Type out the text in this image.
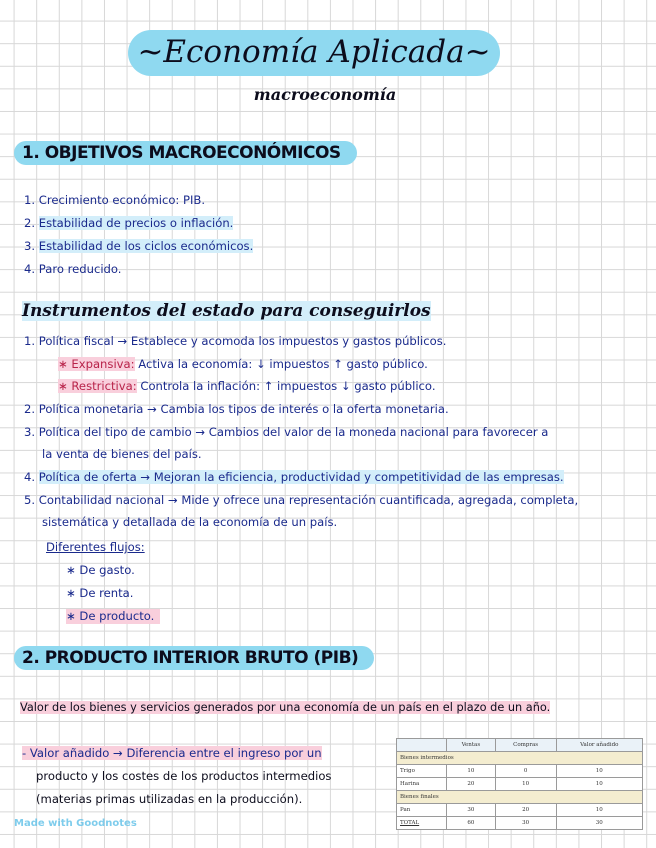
~Economía Aplicada~
macroeconomía
1. OBJETIVOS MACROECONÓMICOS
1. Crecimiento económico: PIB.
2. Estabilidad de precios o inflación.
3. Estabilidad de los ciclos económicos.
4. Paro reducido.
Instrumentos del estado para conseguirlos
1. Política fiscal → Establece y acomoda los impuestos y gastos públicos.
∗ Expansiva: Activa la economía: ↓ impuestos ↑ gasto público.
∗ Restrictiva: Controla la inflación: ↑ impuestos ↓ gasto público.
2. Política monetaria → Cambia los tipos de interés o la oferta monetaria.
3. Política del tipo de cambio → Cambios del valor de la moneda nacional para favorecer a
la venta de bienes del país.
4. Política de oferta → Mejoran la eficiencia, productividad y competitividad de las empresas.
5. Contabilidad nacional → Mide y ofrece una representación cuantificada, agregada, completa,
sistemática y detallada de la economía de un país.
Diferentes flujos:
∗ De gasto.
∗ De renta.
∗ De producto.
2. PRODUCTO INTERIOR BRUTO (PIB)
Valor de los bienes y servicios generados por una economía de un país en el plazo de un año.
- Valor añadido → Diferencia entre el ingreso por un
producto y los costes de los productos intermedios
(materias primas utilizadas en la producción).
	Ventas	Compras	Valor añadido
Bienes intermedios			
Trigo	10	0	10
Harina	20	10	10
Bienes finales			
Pan	30	20	10
TOTAL	60	30	30
Made with Goodnotes
